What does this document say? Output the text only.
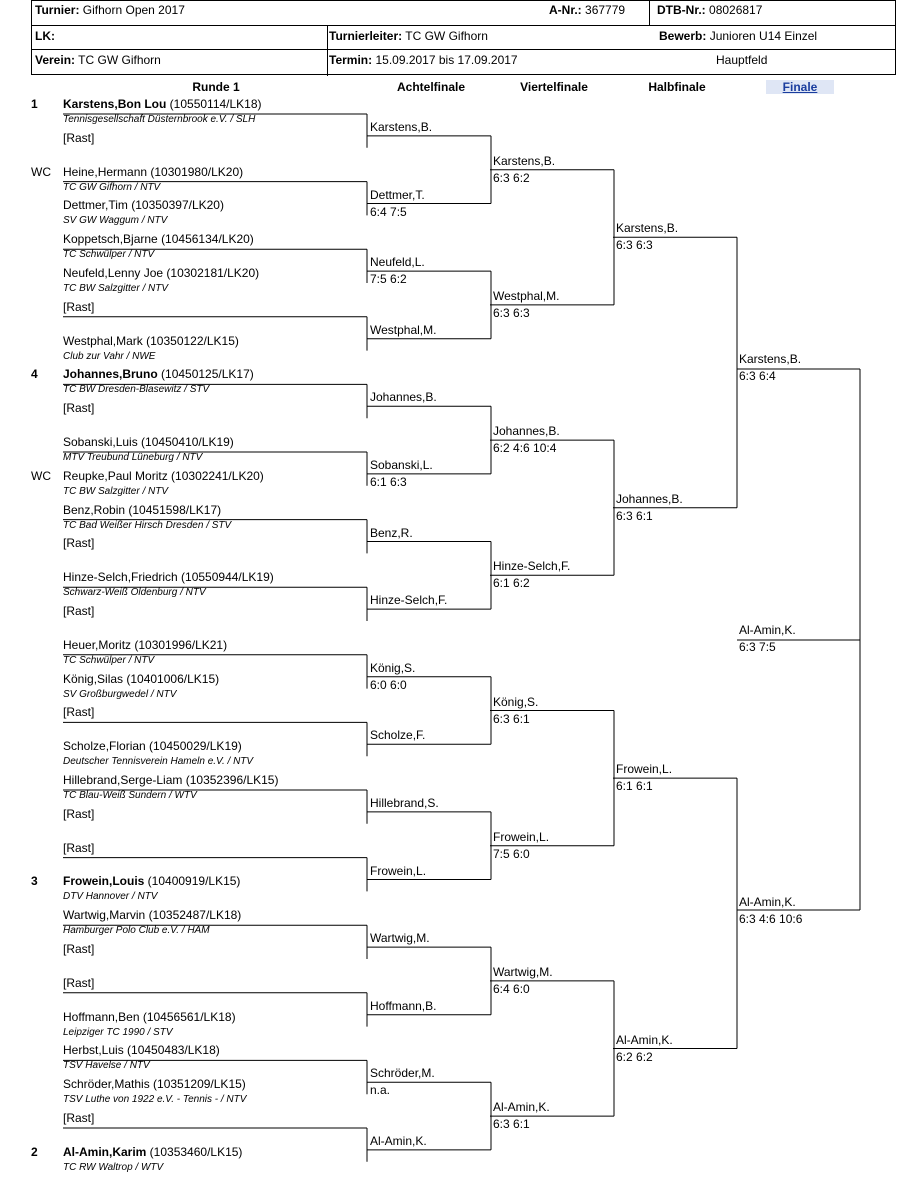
Turnier: Gifhorn Open 2017	A-Nr.: 367779	DTB-Nr.: 08026817
LK:	Turnierleiter: TC GW Gifhorn	Bewerb: Junioren U14 Einzel
Verein: TC GW Gifhorn	Termin: 15.09.2017 bis 17.09.2017	Hauptfeld
Runde 1	Achtelfinale	Viertelfinale	Halbfinale	Finale
1 Karstens,Bon Lou (10550114/LK18)
Tennisgesellschaft Düsternbrook e.V. / SLH
[Rast]
WC Heine,Hermann (10301980/LK20)
TC GW Gifhorn / NTV
Dettmer,Tim (10350397/LK20)
SV GW Waggum / NTV
Koppetsch,Bjarne (10456134/LK20)
TC Schwülper / NTV
Neufeld,Lenny Joe (10302181/LK20)
TC BW Salzgitter / NTV
[Rast]
Westphal,Mark (10350122/LK15)
Club zur Vahr / NWE
4 Johannes,Bruno (10450125/LK17)
TC BW Dresden-Blasewitz / STV
[Rast]
Sobanski,Luis (10450410/LK19)
MTV Treubund Lüneburg / NTV
WC Reupke,Paul Moritz (10302241/LK20)
TC BW Salzgitter / NTV
Benz,Robin (10451598/LK17)
TC Bad Weißer Hirsch Dresden / STV
[Rast]
Hinze-Selch,Friedrich (10550944/LK19)
Schwarz-Weiß Oldenburg / NTV
[Rast]
Heuer,Moritz (10301996/LK21)
TC Schwülper / NTV
König,Silas (10401006/LK15)
SV Großburgwedel / NTV
[Rast]
Scholze,Florian (10450029/LK19)
Deutscher Tennisverein Hameln e.V. / NTV
Hillebrand,Serge-Liam (10352396/LK15)
TC Blau-Weiß Sundern / WTV
[Rast]
[Rast]
3 Frowein,Louis (10400919/LK15)
DTV Hannover / NTV
Wartwig,Marvin (10352487/LK18)
Hamburger Polo Club e.V. / HAM
[Rast]
[Rast]
Hoffmann,Ben (10456561/LK18)
Leipziger TC 1990 / STV
Herbst,Luis (10450483/LK18)
TSV Havelse / NTV
Schröder,Mathis (10351209/LK15)
TSV Luthe von 1922 e.V. - Tennis - / NTV
[Rast]
2 Al-Amin,Karim (10353460/LK15)
TC RW Waltrop / WTV
Karstens,B.
Dettmer,T.
6:4 7:5
Neufeld,L.
7:5 6:2
Westphal,M.
Johannes,B.
Sobanski,L.
6:1 6:3
Benz,R.
Hinze-Selch,F.
König,S.
6:0 6:0
Scholze,F.
Hillebrand,S.
Frowein,L.
Wartwig,M.
Hoffmann,B.
Schröder,M.
n.a.
Al-Amin,K.
Karstens,B.
6:3 6:2
Westphal,M.
6:3 6:3
Johannes,B.
6:2 4:6 10:4
Hinze-Selch,F.
6:1 6:2
König,S.
6:3 6:1
Frowein,L.
7:5 6:0
Wartwig,M.
6:4 6:0
Al-Amin,K.
6:3 6:1
Karstens,B.
6:3 6:3
Johannes,B.
6:3 6:1
Frowein,L.
6:1 6:1
Al-Amin,K.
6:2 6:2
Karstens,B.
6:3 6:4
Al-Amin,K.
6:3 7:5
Al-Amin,K.
6:3 4:6 10:6
